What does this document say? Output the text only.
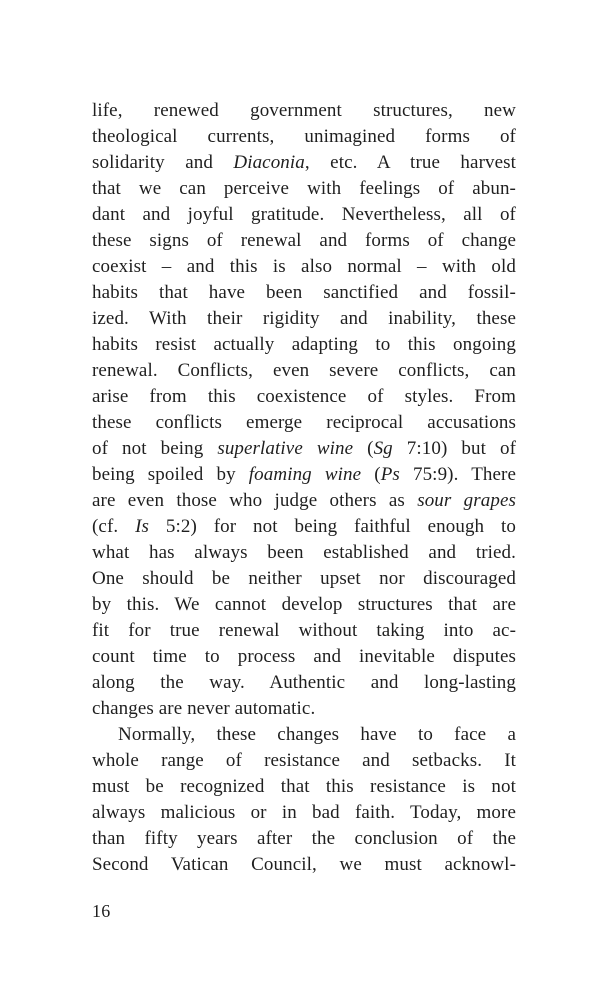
life, renewed government structures, new
theological currents, unimagined forms of
solidarity and Diaconia, etc. A true harvest
that we can perceive with feelings of abun-
dant and joyful gratitude. Nevertheless, all of
these signs of renewal and forms of change
coexist – and this is also normal – with old
habits that have been sanctified and fossil-
ized. With their rigidity and inability, these
habits resist actually adapting to this ongoing
renewal. Conflicts, even severe conflicts, can
arise from this coexistence of styles. From
these conflicts emerge reciprocal accusations
of not being superlative wine (Sg 7:10) but of
being spoiled by foaming wine (Ps 75:9). There
are even those who judge others as sour grapes
(cf. Is 5:2) for not being faithful enough to
what has always been established and tried.
One should be neither upset nor discouraged
by this. We cannot develop structures that are
fit for true renewal without taking into ac-
count time to process and inevitable disputes
along the way. Authentic and long-lasting
changes are never automatic.
Normally, these changes have to face a
whole range of resistance and setbacks. It
must be recognized that this resistance is not
always malicious or in bad faith. Today, more
than fifty years after the conclusion of the
Second Vatican Council, we must acknowl-
16
